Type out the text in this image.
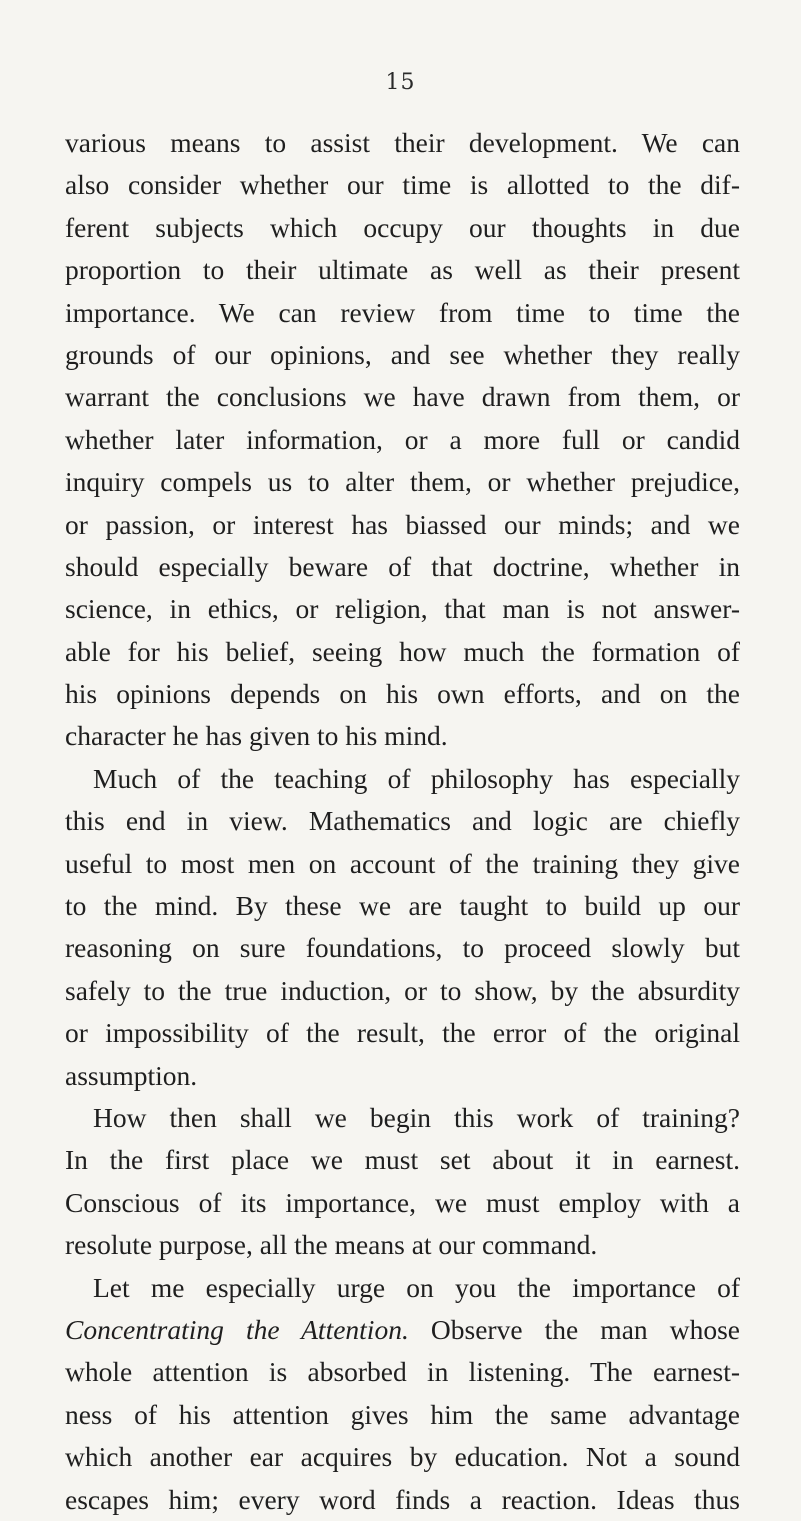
15
various means to assist their development. We can
also consider whether our time is allotted to the dif-
ferent subjects which occupy our thoughts in due
proportion to their ultimate as well as their present
importance. We can review from time to time the
grounds of our opinions, and see whether they really
warrant the conclusions we have drawn from them, or
whether later information, or a more full or candid
inquiry compels us to alter them, or whether prejudice,
or passion, or interest has biassed our minds; and we
should especially beware of that doctrine, whether in
science, in ethics, or religion, that man is not answer-
able for his belief, seeing how much the formation of
his opinions depends on his own efforts, and on the
character he has given to his mind.
Much of the teaching of philosophy has especially
this end in view. Mathematics and logic are chiefly
useful to most men on account of the training they give
to the mind. By these we are taught to build up our
reasoning on sure foundations, to proceed slowly but
safely to the true induction, or to show, by the absurdity
or impossibility of the result, the error of the original
assumption.
How then shall we begin this work of training?
In the first place we must set about it in earnest.
Conscious of its importance, we must employ with a
resolute purpose, all the means at our command.
Let me especially urge on you the importance of
Concentrating the Attention. Observe the man whose
whole attention is absorbed in listening. The earnest-
ness of his attention gives him the same advantage
which another ear acquires by education. Not a sound
escapes him; every word finds a reaction. Ideas thus
